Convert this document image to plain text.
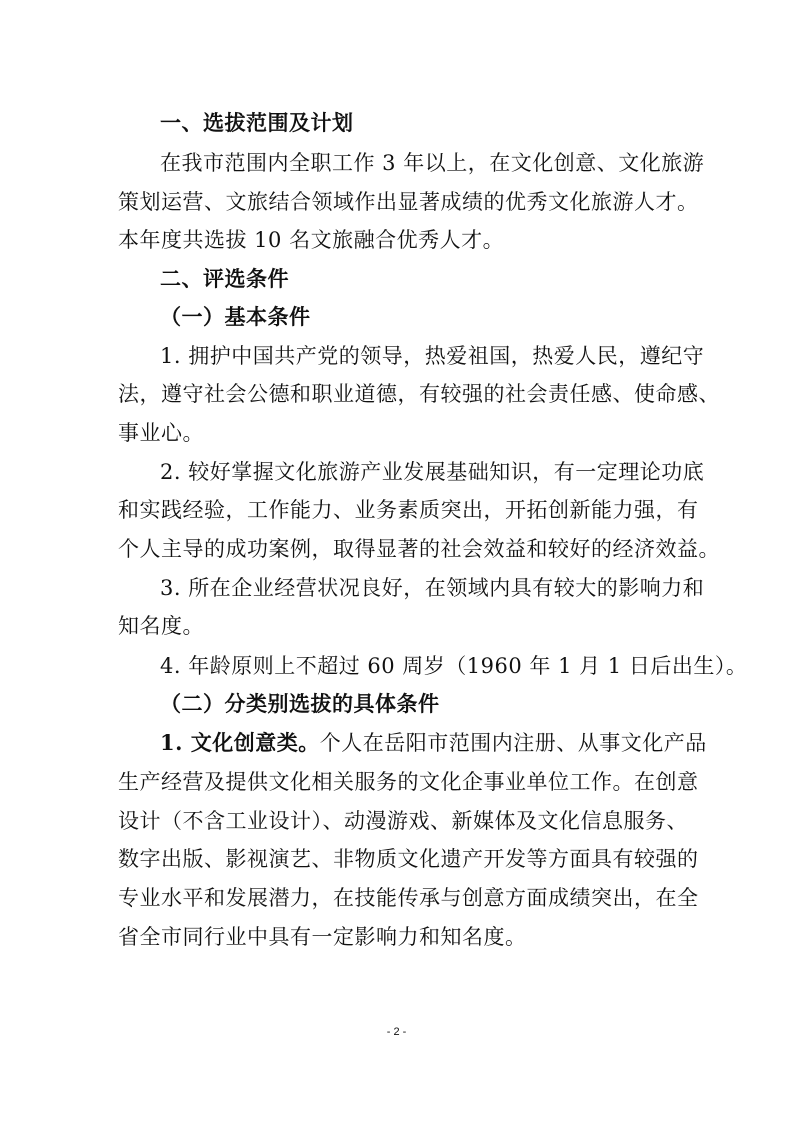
一、选拔范围及计划
在我市范围内全职工作 3 年以上，在文化创意、文化旅游
策划运营、文旅结合领域作出显著成绩的优秀文化旅游人才。
本年度共选拔 10 名文旅融合优秀人才。
二、评选条件
（一）基本条件
1. 拥护中国共产党的领导，热爱祖国，热爱人民，遵纪守
法，遵守社会公德和职业道德，有较强的社会责任感、使命感、
事业心。
2. 较好掌握文化旅游产业发展基础知识，有一定理论功底
和实践经验，工作能力、业务素质突出，开拓创新能力强，有
个人主导的成功案例，取得显著的社会效益和较好的经济效益。
3. 所在企业经营状况良好，在领域内具有较大的影响力和
知名度。
4. 年龄原则上不超过 60 周岁（1960 年 1 月 1 日后出生）。
（二）分类别选拔的具体条件
1. 文化创意类。个人在岳阳市范围内注册、从事文化产品
生产经营及提供文化相关服务的文化企事业单位工作。在创意
设计（不含工业设计）、动漫游戏、新媒体及文化信息服务、
数字出版、影视演艺、非物质文化遗产开发等方面具有较强的
专业水平和发展潜力，在技能传承与创意方面成绩突出，在全
省全市同行业中具有一定影响力和知名度。
- 2 -
